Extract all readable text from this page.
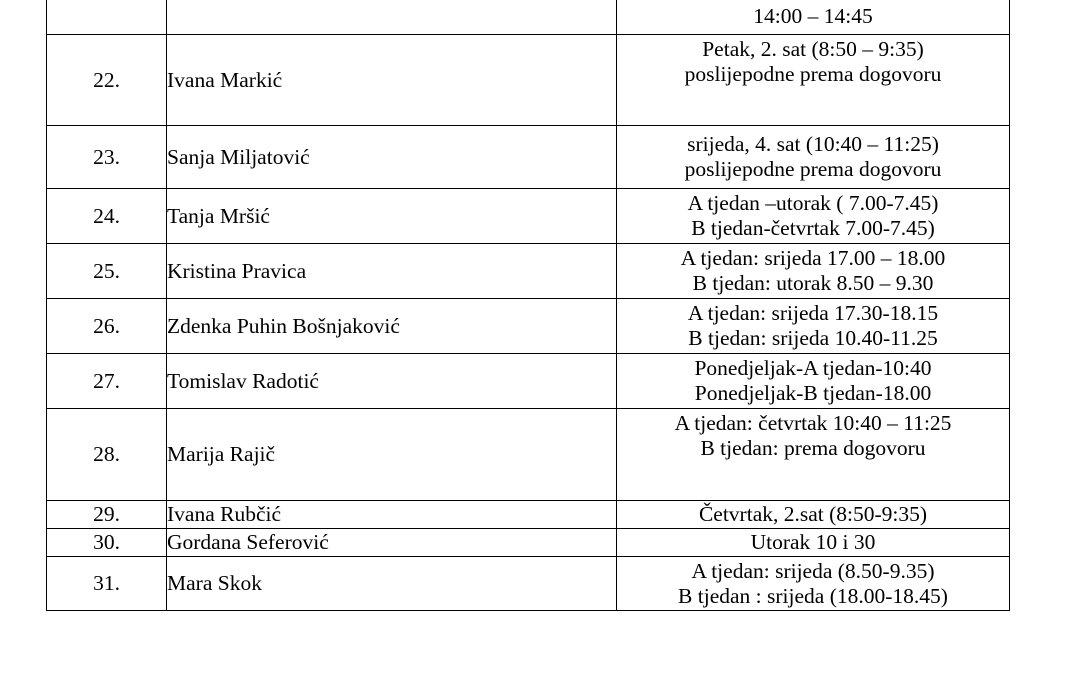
		14:00 – 14:45

22.	Ivana Markić	Petak, 2. sat (8:50 – 9:35)
poslijepodne prema dogovoru

23.	Sanja Miljatović	srijeda, 4. sat (10:40 – 11:25)
poslijepodne prema dogovoru

24.	Tanja Mršić	A tjedan –utorak ( 7.00-7.45)
B tjedan-četvrtak 7.00-7.45)

25.	Kristina Pravica	A tjedan: srijeda 17.00 – 18.00
B tjedan: utorak 8.50 – 9.30

26.	Zdenka Puhin Bošnjaković	A tjedan: srijeda 17.30-18.15
B tjedan: srijeda 10.40-11.25

27.	Tomislav Radotić	Ponedjeljak-A tjedan-10:40
Ponedjeljak-B tjedan-18.00

28.	Marija Rajič	A tjedan: četvrtak 10:40 – 11:25
B tjedan: prema dogovoru

29.	Ivana Rubčić	Četvrtak, 2.sat (8:50-9:35)

30.	Gordana Seferović	Utorak 10 i 30

31.	Mara Skok	A tjedan: srijeda (8.50-9.35)
B tjedan : srijeda (18.00-18.45)
